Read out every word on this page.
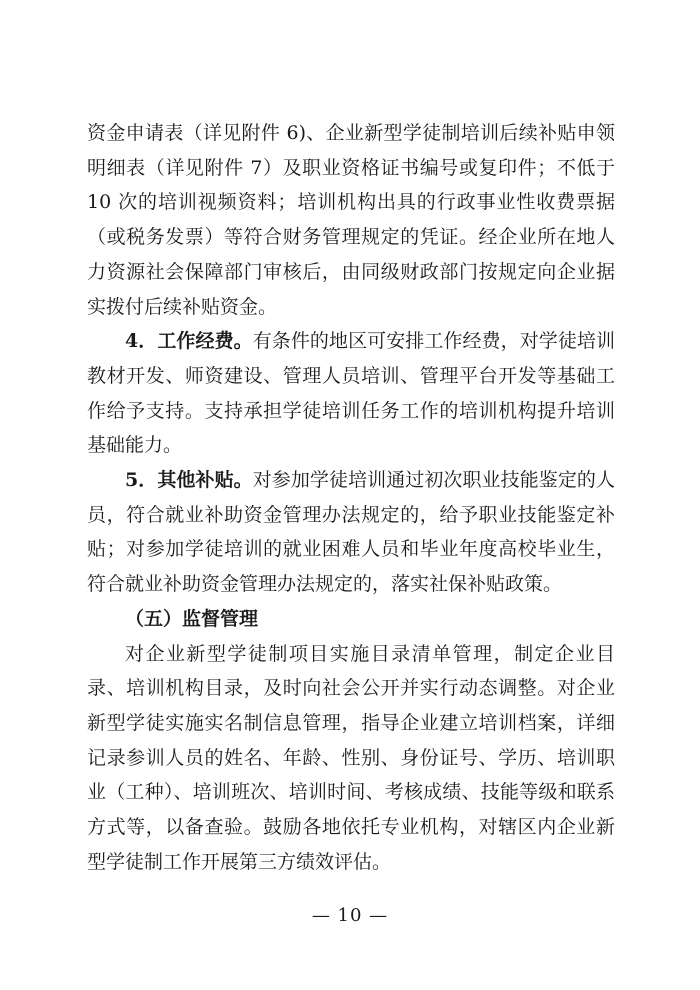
资金申请表（详见附件 6)、企业新型学徒制培训后续补贴申领明细表（详见附件 7）及职业资格证书编号或复印件；不低于 10 次的培训视频资料；培训机构出具的行政事业性收费票据（或税务发票）等符合财务管理规定的凭证。经企业所在地人力资源社会保障部门审核后，由同级财政部门按规定向企业据实拨付后续补贴资金。

4．工作经费。有条件的地区可安排工作经费，对学徒培训教材开发、师资建设、管理人员培训、管理平台开发等基础工作给予支持。支持承担学徒培训任务工作的培训机构提升培训基础能力。

5．其他补贴。对参加学徒培训通过初次职业技能鉴定的人员，符合就业补助资金管理办法规定的，给予职业技能鉴定补贴；对参加学徒培训的就业困难人员和毕业年度高校毕业生，符合就业补助资金管理办法规定的，落实社保补贴政策。

（五）监督管理

对企业新型学徒制项目实施目录清单管理，制定企业目录、培训机构目录，及时向社会公开并实行动态调整。对企业新型学徒实施实名制信息管理，指导企业建立培训档案，详细记录参训人员的姓名、年龄、性别、身份证号、学历、培训职业（工种）、培训班次、培训时间、考核成绩、技能等级和联系方式等，以备查验。鼓励各地依托专业机构，对辖区内企业新型学徒制工作开展第三方绩效评估。

— 10 —
